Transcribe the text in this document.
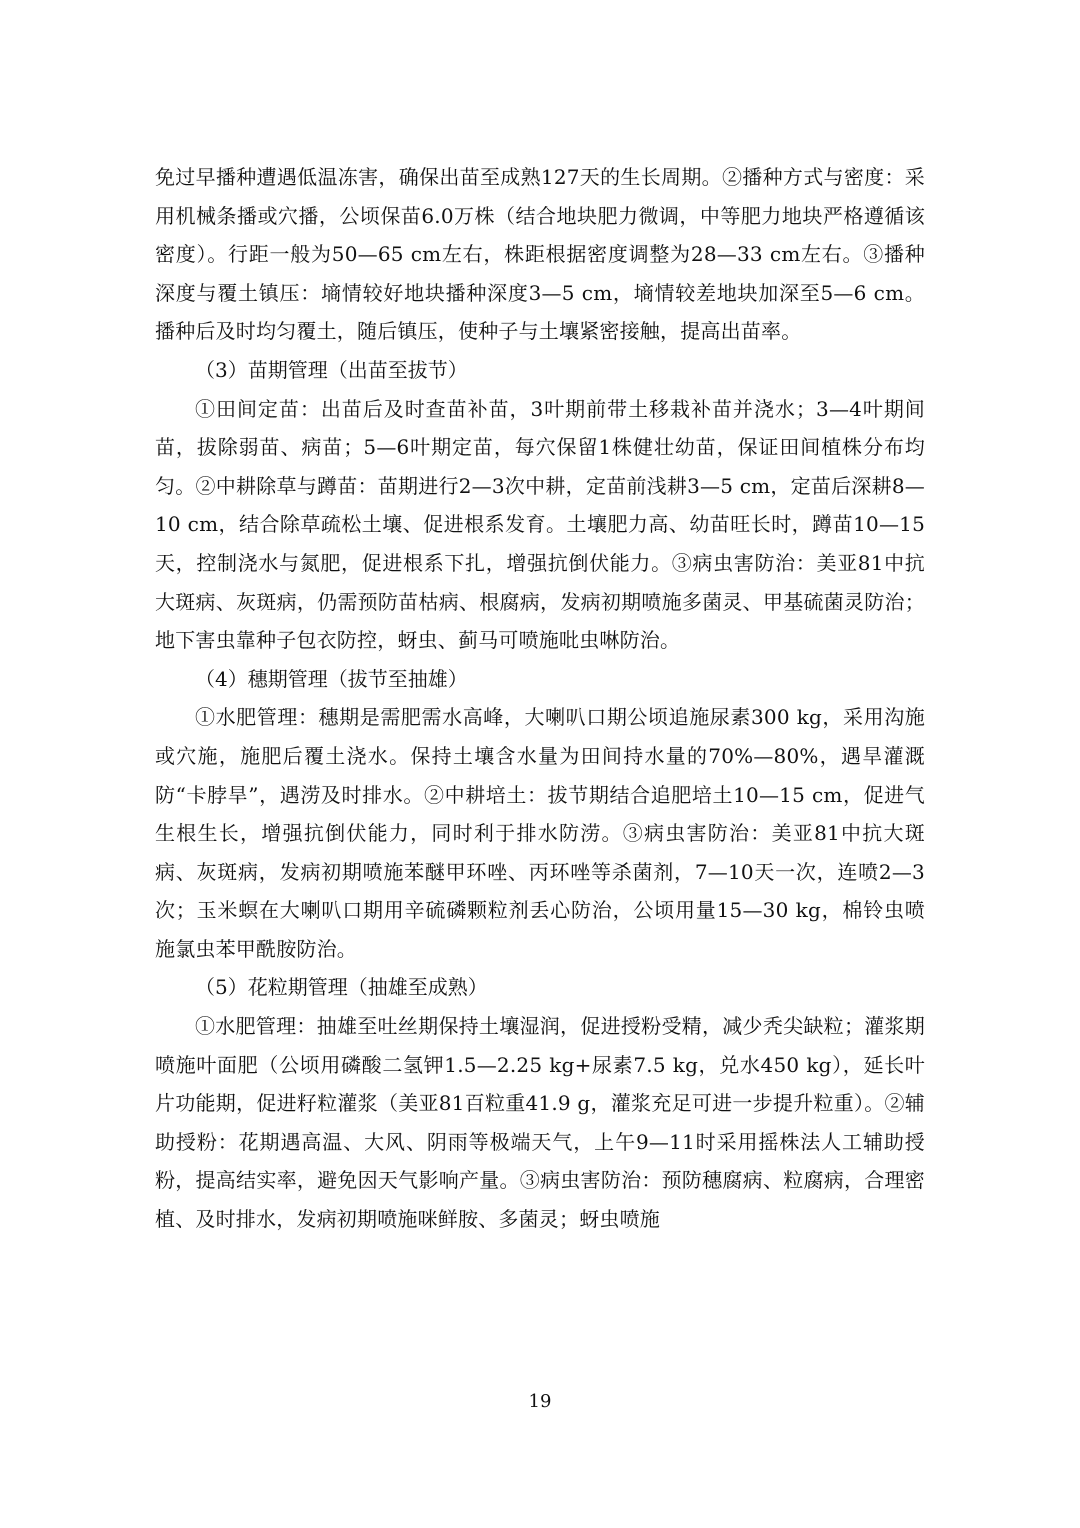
免过早播种遭遇低温冻害，确保出苗至成熟127天的生长周期。②播种方式与密度：采用机械条播或穴播，公顷保苗6.0万株（结合地块肥力微调，中等肥力地块严格遵循该密度）。行距一般为50—65 cm左右，株距根据密度调整为28—33 cm左右。③播种深度与覆土镇压：墒情较好地块播种深度3—5 cm，墒情较差地块加深至5—6 cm。播种后及时均匀覆土，随后镇压，使种子与土壤紧密接触，提高出苗率。

（3）苗期管理（出苗至拔节）

①田间定苗：出苗后及时查苗补苗，3叶期前带土移栽补苗并浇水；3—4叶期间苗，拔除弱苗、病苗；5—6叶期定苗，每穴保留1株健壮幼苗，保证田间植株分布均匀。②中耕除草与蹲苗：苗期进行2—3次中耕，定苗前浅耕3—5 cm，定苗后深耕8—10 cm，结合除草疏松土壤、促进根系发育。土壤肥力高、幼苗旺长时，蹲苗10—15天，控制浇水与氮肥，促进根系下扎，增强抗倒伏能力。③病虫害防治：美亚81中抗大斑病、灰斑病，仍需预防苗枯病、根腐病，发病初期喷施多菌灵、甲基硫菌灵防治；地下害虫靠种子包衣防控，蚜虫、蓟马可喷施吡虫啉防治。

（4）穗期管理（拔节至抽雄）

①水肥管理：穗期是需肥需水高峰，大喇叭口期公顷追施尿素300 kg，采用沟施或穴施，施肥后覆土浇水。保持土壤含水量为田间持水量的70%—80%，遇旱灌溉防“卡脖旱”，遇涝及时排水。②中耕培土：拔节期结合追肥培土10—15 cm，促进气生根生长，增强抗倒伏能力，同时利于排水防涝。③病虫害防治：美亚81中抗大斑病、灰斑病，发病初期喷施苯醚甲环唑、丙环唑等杀菌剂，7—10天一次，连喷2—3次；玉米螟在大喇叭口期用辛硫磷颗粒剂丢心防治，公顷用量15—30 kg，棉铃虫喷施氯虫苯甲酰胺防治。

（5）花粒期管理（抽雄至成熟）

①水肥管理：抽雄至吐丝期保持土壤湿润，促进授粉受精，减少秃尖缺粒；灌浆期喷施叶面肥（公顷用磷酸二氢钾1.5—2.25 kg+尿素7.5 kg，兑水450 kg），延长叶片功能期，促进籽粒灌浆（美亚81百粒重41.9 g，灌浆充足可进一步提升粒重）。②辅助授粉：花期遇高温、大风、阴雨等极端天气，上午9—11时采用摇株法人工辅助授粉，提高结实率，避免因天气影响产量。③病虫害防治：预防穗腐病、粒腐病，合理密植、及时排水，发病初期喷施咪鲜胺、多菌灵；蚜虫喷施

19
